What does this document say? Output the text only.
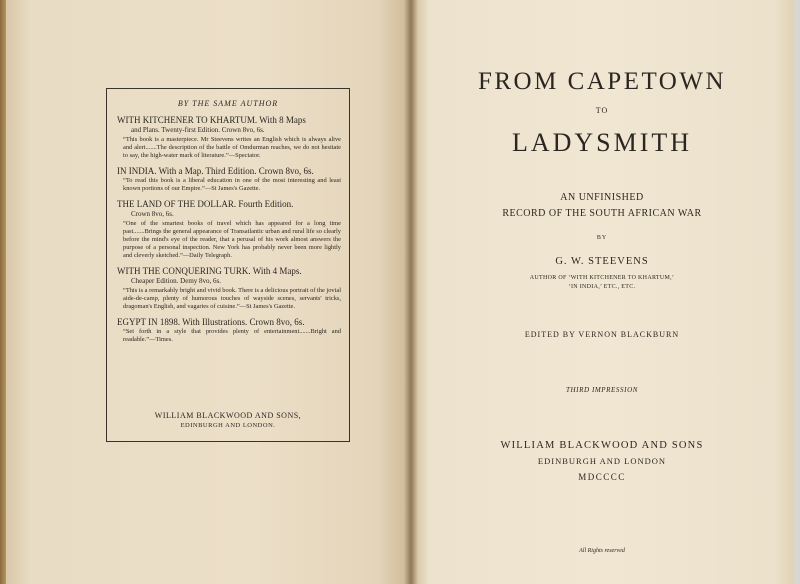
BY THE SAME AUTHOR

WITH KITCHENER TO KHARTUM. With 8 Maps

and Plans. Twenty-first Edition. Crown 8vo, 6s.

“This book is a masterpiece. Mr Steevens writes an English which is always alive and alert.......The description of the battle of Omdurman reaches, we do not hesitate to say, the high-water mark of literature.”—Spectator.

IN INDIA. With a Map. Third Edition. Crown 8vo, 6s.

“To read this book is a liberal education in one of the most interesting and least known portions of our Empire.”—St James's Gazette.

THE LAND OF THE DOLLAR. Fourth Edition.

Crown 8vo, 6s.

“One of the smartest books of travel which has appeared for a long time past.......Brings the general appearance of Transatlantic urban and rural life so clearly before the mind's eye of the reader, that a perusal of his work almost answers the purpose of a personal inspection. New York has probably never been more lightly and cleverly sketched.”—Daily Telegraph.

WITH THE CONQUERING TURK. With 4 Maps.

Cheaper Edition. Demy 8vo, 6s.

“This is a remarkably bright and vivid book. There is a delicious portrait of the jovial aide-de-camp, plenty of humorous touches of wayside scenes, servants' tricks, dragoman's English, and vagaries of cuisine.”—St James's Gazette.

EGYPT IN 1898. With Illustrations. Crown 8vo, 6s.

“Set forth in a style that provides plenty of entertainment.......Bright and readable.”—Times.

WILLIAM BLACKWOOD AND SONS,
EDINBURGH AND LONDON.

FROM CAPETOWN

TO

LADYSMITH

AN UNFINISHED

RECORD OF THE SOUTH AFRICAN WAR

BY

G. W. STEEVENS

AUTHOR OF ‘WITH KITCHENER TO KHARTUM,’

‘IN INDIA,’ ETC., ETC.

EDITED BY VERNON BLACKBURN

THIRD IMPRESSION

WILLIAM BLACKWOOD AND SONS

EDINBURGH AND LONDON

MDCCCC

All Rights reserved
